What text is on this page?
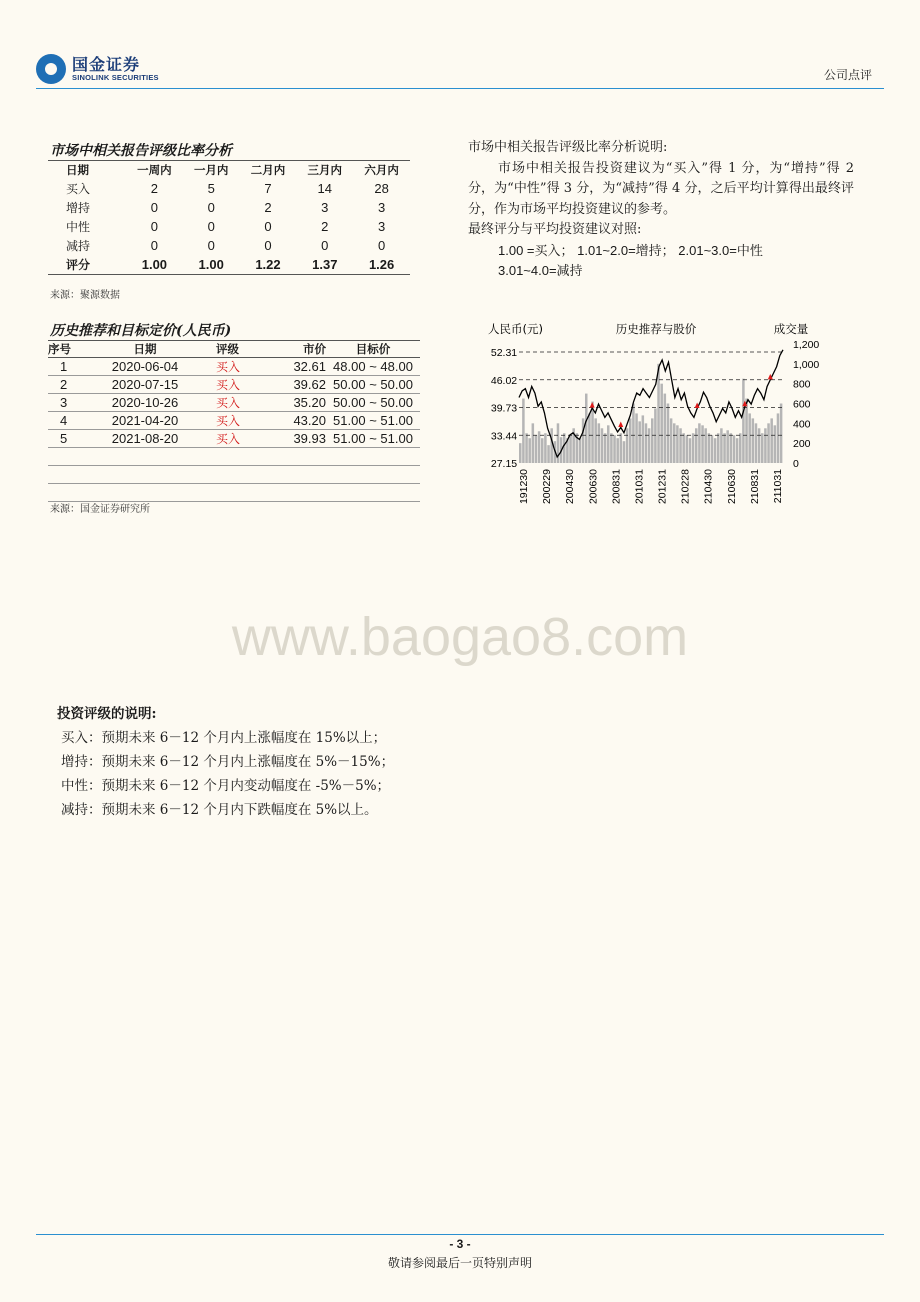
国金证券
SINOLINK SECURITIES	公司点评
市场中相关报告评级比率分析
日期	一周内	一月内	二月内	三月内	六月内
买入	2	5	7	14	28
增持	0	0	2	3	3
中性	0	0	0	2	3
减持	0	0	0	0	0
评分	1.00	1.00	1.22	1.37	1.26
来源：聚源数据
市场中相关报告评级比率分析说明:
市场中相关报告投资建议为“买入”得 1 分，为“增持”得 2 分，为“中性”得 3 分，为“减持”得 4 分，之后平均计算得出最终评分，作为市场平均投资建议的参考。
最终评分与平均投资建议对照:
1.00 =买入； 1.01~2.0=增持； 2.01~3.0=中性
3.01~4.0=减持
历史推荐和目标定价(人民币)
序号	日期	评级	市价	目标价
1	2020-06-04	买入	32.61	48.00 ~ 48.00
2	2020-07-15	买入	39.62	50.00 ~ 50.00
3	2020-10-26	买入	35.20	50.00 ~ 50.00
4	2021-04-20	买入	43.20	51.00 ~ 51.00
5	2021-08-20	买入	39.93	51.00 ~ 51.00

来源：国金证券研究所
人民币(元)	历史推荐与股价	成交量
52.31
46.02
39.73
33.44
27.15
1,200
1,000
800
600
400
200
0
191230 200229 200430 200630 200831 201031 201231 210228 210430 210630 210831 211031
www.baogao8.com
投资评级的说明:
买入：预期未来 6－12 个月内上涨幅度在 15%以上；
增持：预期未来 6－12 个月内上涨幅度在 5%－15%；
中性：预期未来 6－12 个月内变动幅度在 -5%－5%；
减持：预期未来 6－12 个月内下跌幅度在 5%以上。
- 3 -
敬请参阅最后一页特别声明
